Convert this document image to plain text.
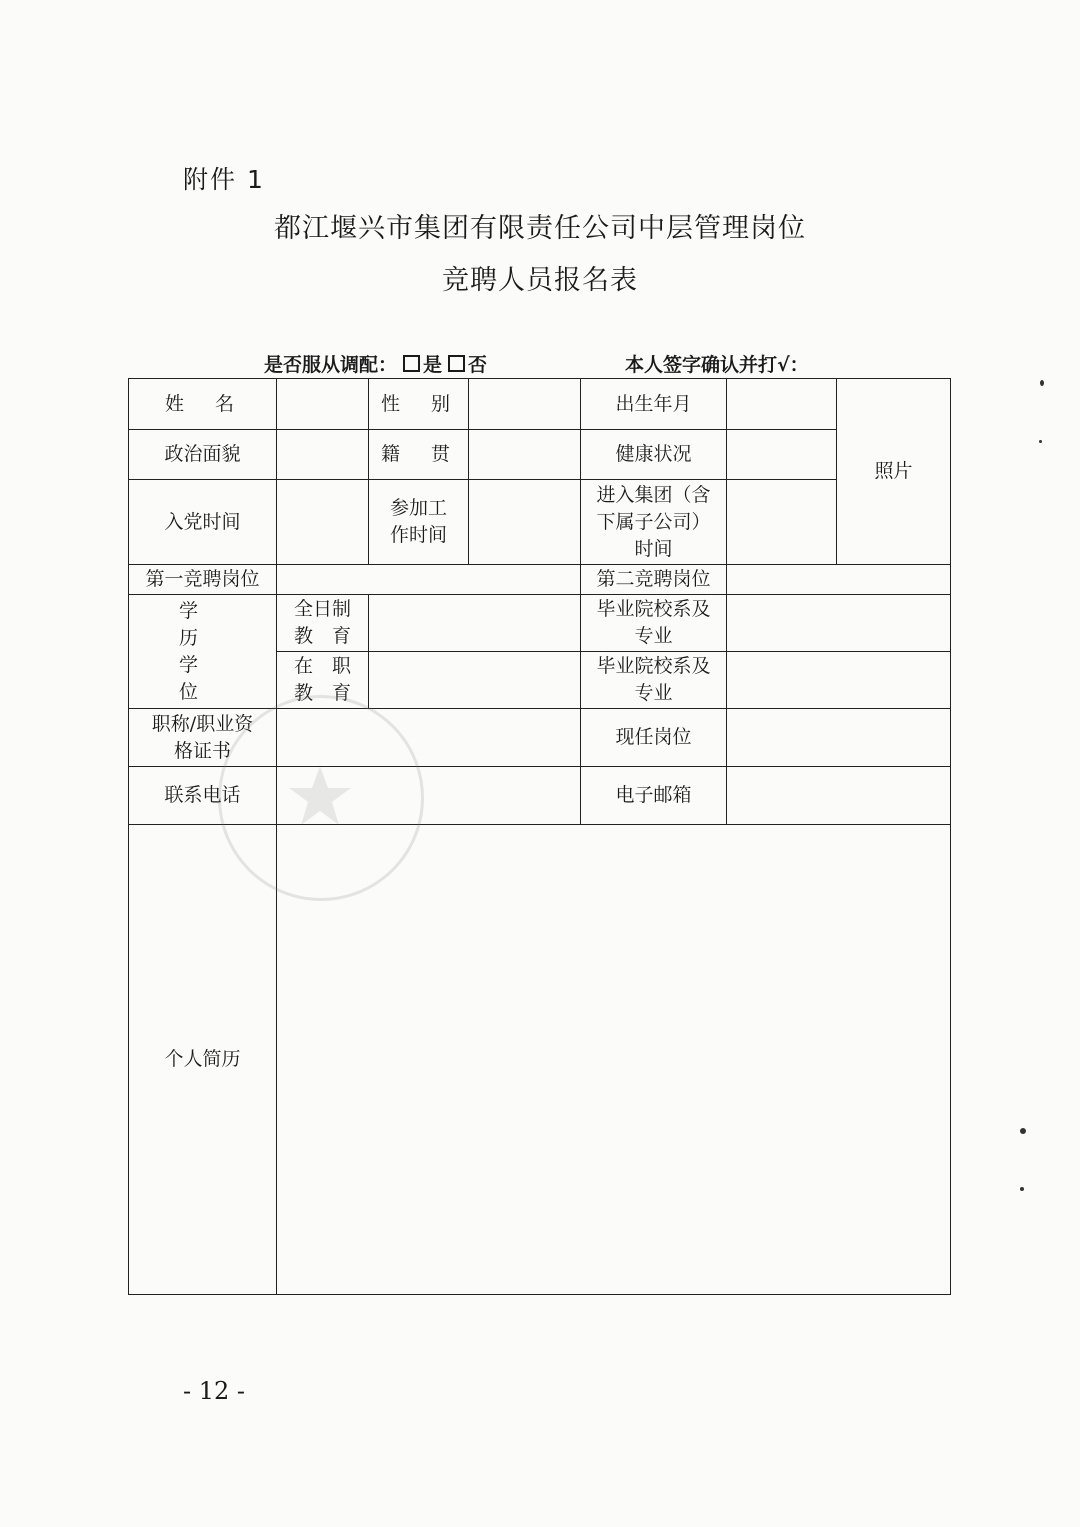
附件 1
都江堰兴市集团有限责任公司中层管理岗位
竞聘人员报名表
是否服从调配： 是 否	本人签字确认并打√：
姓　名		性　别		出生年月		照片
政治面貌		籍　贯		健康状况		
入党时间		参加工作时间		进入集团（含下属子公司）时间		
第一竞聘岗位				第二竞聘岗位		
学　历 学　位	全日制 教　育			毕业院校系及专业		
	在　职 教　育			毕业院校系及专业		
职称/职业资格证书				现任岗位		
联系电话				电子邮箱		
个人简历						
- 12 -
